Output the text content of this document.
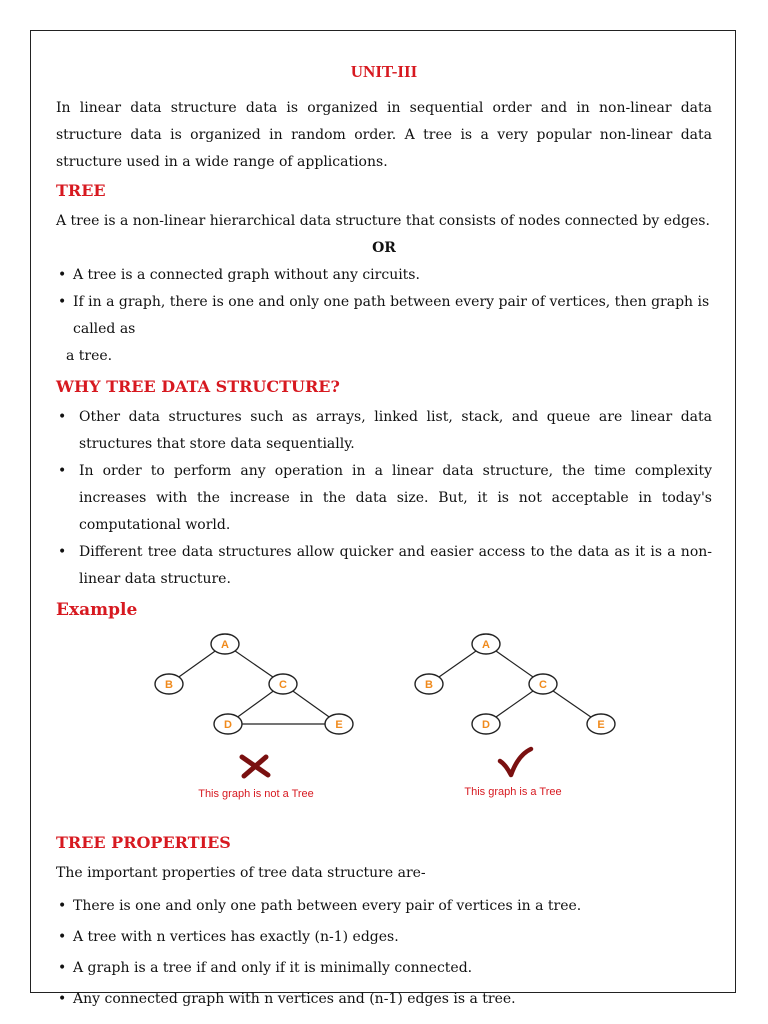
UNIT-III

In linear data structure data is organized in sequential order and in non-linear data structure data is organized in random order. A tree is a very popular non-linear data structure used in a wide range of applications.

TREE

A tree is a non-linear hierarchical data structure that consists of nodes connected by edges.

OR
• A tree is a connected graph without any circuits.
• If in a graph, there is one and only one path between every pair of vertices, then graph is called as

a tree.

WHY TREE DATA STRUCTURE?
• Other data structures such as arrays, linked list, stack, and queue are linear data structures that store data sequentially.
• In order to perform any operation in a linear data structure, the time complexity increases with the increase in the data size. But, it is not acceptable in today's computational world.
• Different tree data structures allow quicker and easier access to the data as it is a non-linear data structure.
Example
A
B	C
D	E
This graph is not a Tree
A
B	C
D	E
This graph is a Tree
TREE PROPERTIES

The important properties of tree data structure are-

• There is one and only one path between every pair of vertices in a tree.
• A tree with n vertices has exactly (n-1) edges.
• A graph is a tree if and only if it is minimally connected.
• Any connected graph with n vertices and (n-1) edges is a tree.
